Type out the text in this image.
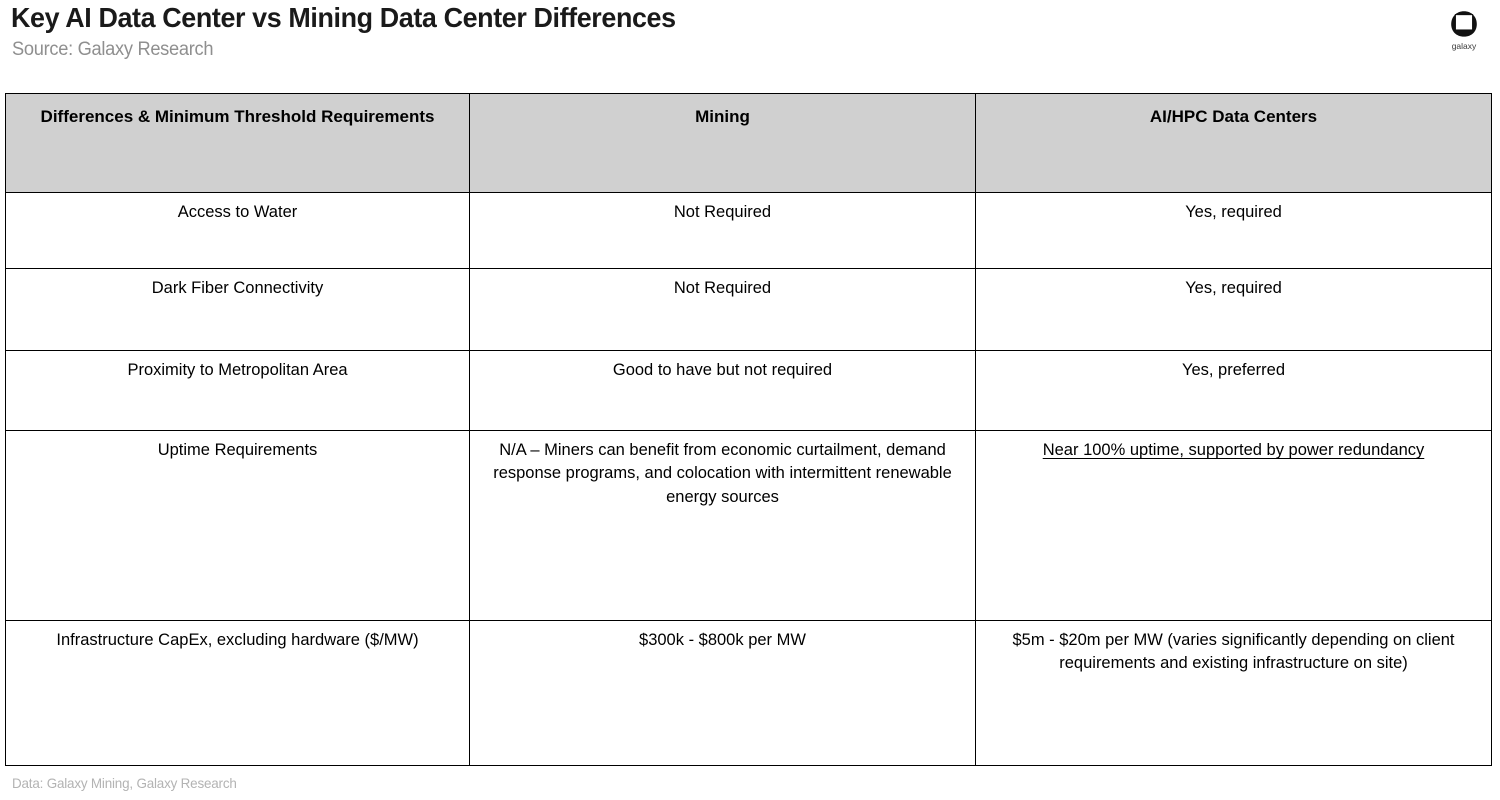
Key AI Data Center vs Mining Data Center Differences
Source: Galaxy Research	galaxy
Differences & Minimum Threshold Requirements	Mining	AI/HPC Data Centers
Access to Water	Not Required	Yes, required
Dark Fiber Connectivity	Not Required	Yes, required
Proximity to Metropolitan Area	Good to have but not required	Yes, preferred
Uptime Requirements	N/A – Miners can benefit from economic curtailment, demand response programs, and colocation with intermittent renewable energy sources	Near 100% uptime, supported by power redundancy
Infrastructure CapEx, excluding hardware ($/MW)	$300k - $800k per MW	$5m - $20m per MW (varies significantly depending on client requirements and existing infrastructure on site)
Data: Galaxy Mining, Galaxy Research
